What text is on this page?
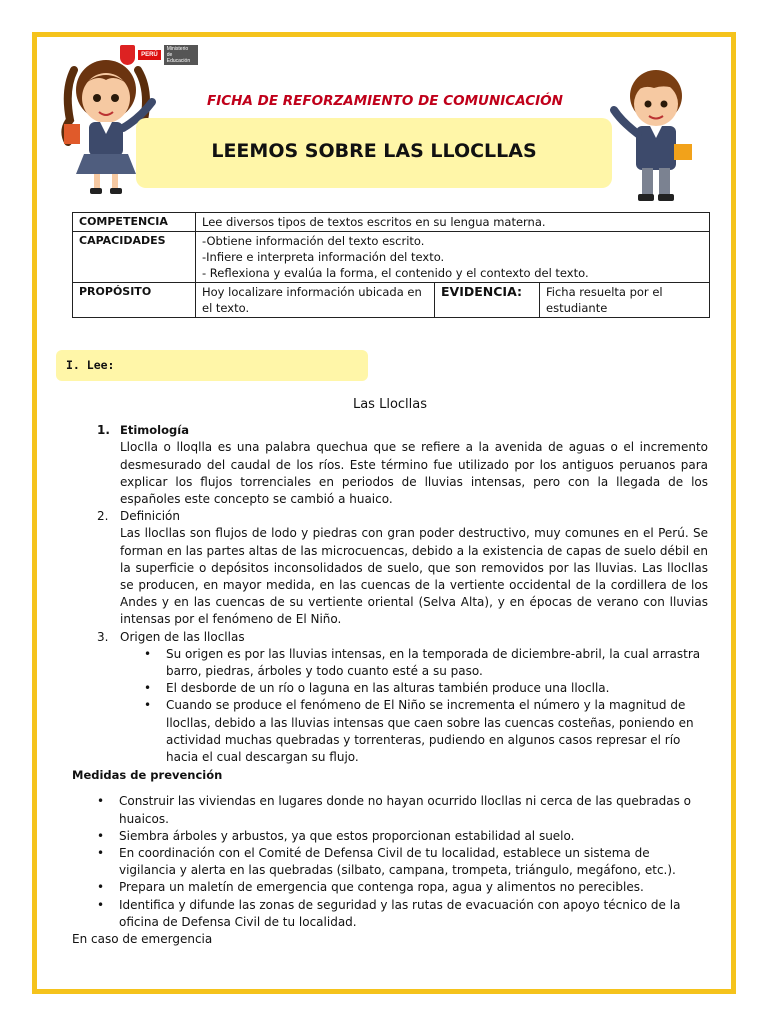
PERÚ
Ministerio de Educación
FICHA DE REFORZAMIENTO DE COMUNICACIÓN
LEEMOS SOBRE LAS LLOCLLAS
COMPETENCIA	Lee diversos tipos de textos escritos en su lengua materna.		
CAPACIDADES	-Obtiene información del texto escrito.
-Infiere e interpreta información del texto.
- Reflexiona y evalúa la forma, el contenido y el contexto del texto.		

PROPÓSITO	Hoy localizare información ubicada en el texto.	EVIDENCIA:	Ficha resuelta por el estudiante
I. Lee:
Las Llocllas
1. Etimología

Lloclla o lloqlla es una palabra quechua que se refiere a la avenida de aguas o el incremento desmesurado del caudal de los ríos. Este término fue utilizado por los antiguos peruanos para explicar los flujos torrenciales en periodos de lluvias intensas, pero con la llegada de los españoles este concepto se cambió a huaico.

2. Definición

Las llocllas son flujos de lodo y piedras con gran poder destructivo, muy comunes en el Perú. Se forman en las partes altas de las microcuencas, debido a la existencia de capas de suelo débil en la superficie o depósitos inconsolidados de suelo, que son removidos por las lluvias. Las llocllas se producen, en mayor medida, en las cuencas de la vertiente occidental de la cordillera de los Andes y en las cuencas de su vertiente oriental (Selva Alta), y en épocas de verano con lluvias intensas por el fenómeno de El Niño.

3. Origen de las llocllas
• Su origen es por las lluvias intensas, en la temporada de diciembre-abril, la cual arrastra barro, piedras, árboles y todo cuanto esté a su paso.
• El desborde de un río o laguna en las alturas también produce una lloclla.
• Cuando se produce el fenómeno de El Niño se incrementa el número y la magnitud de llocllas, debido a las lluvias intensas que caen sobre las cuencas costeñas, poniendo en actividad muchas quebradas y torrenteras, pudiendo en algunos casos represar el río hacia el cual descargan su flujo.
Medidas de prevención
• Construir las viviendas en lugares donde no hayan ocurrido llocllas ni cerca de las quebradas o huaicos.
• Siembra árboles y arbustos, ya que estos proporcionan estabilidad al suelo.
• En coordinación con el Comité de Defensa Civil de tu localidad, establece un sistema de vigilancia y alerta en las quebradas (silbato, campana, trompeta, triángulo, megáfono, etc.).
• Prepara un maletín de emergencia que contenga ropa, agua y alimentos no perecibles.
• Identifica y difunde las zonas de seguridad y las rutas de evacuación con apoyo técnico de la oficina de Defensa Civil de tu localidad.
En caso de emergencia
